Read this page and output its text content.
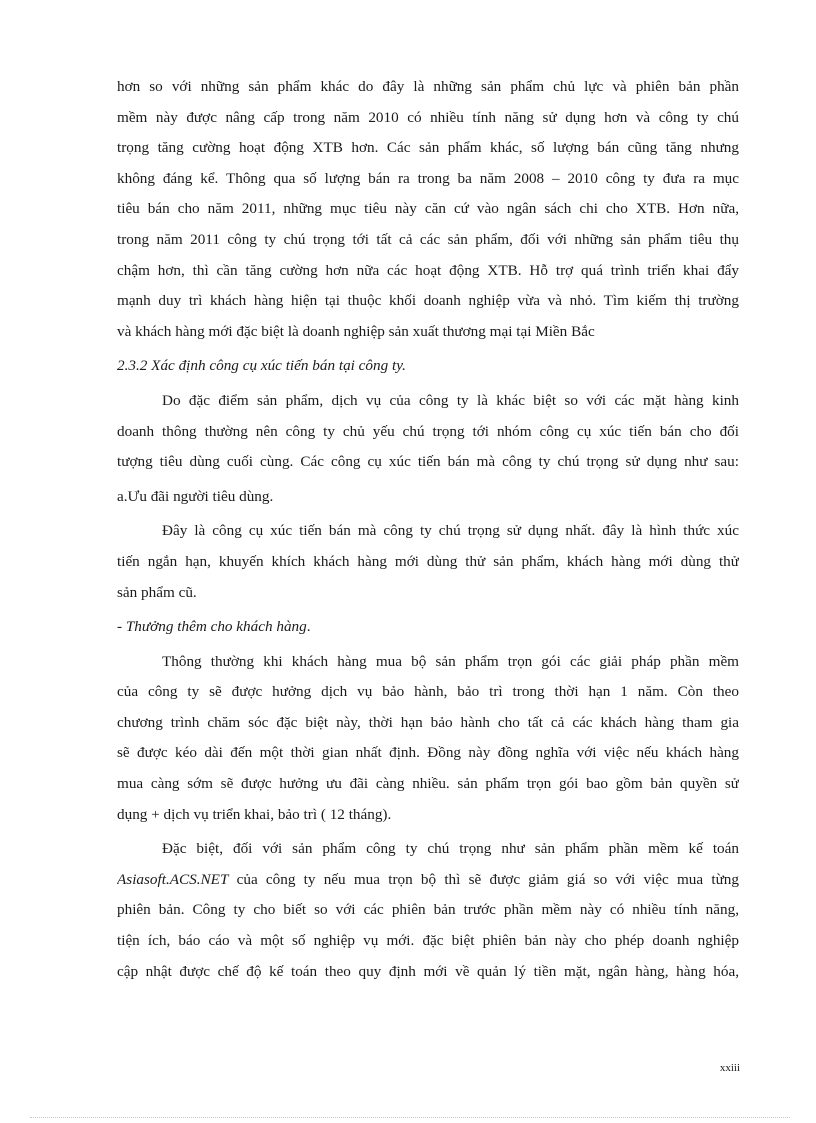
hơn so với những sản phẩm khác do đây là những sản phẩm chủ lực và phiên bản phần
mềm này được nâng cấp trong năm 2010 có nhiều tính năng sử dụng hơn và công ty chú
trọng tăng cường hoạt động XTB hơn. Các sản phẩm khác, số lượng bán cũng tăng nhưng
không đáng kể. Thông qua số lượng bán ra trong ba năm 2008 – 2010 công ty đưa ra mục
tiêu bán cho năm 2011, những mục tiêu này căn cứ vào ngân sách chi cho XTB. Hơn nữa,
trong năm 2011 công ty chú trọng tới tất cả các sản phẩm, đối với những sản phẩm tiêu thụ
chậm hơn, thì cần tăng cường hơn nữa các hoạt động XTB. Hỗ trợ quá trình triển khai đẩy
mạnh duy trì khách hàng hiện tại thuộc khối doanh nghiệp vừa và nhỏ. Tìm kiếm thị trường
và khách hàng mới đặc biệt là doanh nghiệp sản xuất thương mại tại Miền Bắc
2.3.2 Xác định công cụ xúc tiến bán tại công ty.
Do đặc điểm sản phẩm, dịch vụ của công ty là khác biệt so với các mặt hàng kinh
doanh thông thường nên công ty chủ yếu chú trọng tới nhóm công cụ xúc tiến bán cho đối
tượng tiêu dùng cuối cùng. Các công cụ xúc tiến bán mà công ty chú trọng sử dụng như sau:
a.Ưu đãi người tiêu dùng.
Đây là công cụ xúc tiến bán mà công ty chú trọng sử dụng nhất. đây là hình thức xúc
tiến ngắn hạn, khuyến khích khách hàng mới dùng thử sản phẩm, khách hàng mới dùng thử
sản phẩm cũ.
- Thưởng thêm cho khách hàng.
Thông thường khi khách hàng mua bộ sản phẩm trọn gói các giải pháp phần mềm
của công ty sẽ được hưởng dịch vụ bảo hành, bảo trì trong thời hạn 1 năm. Còn theo
chương trình chăm sóc đặc biệt này, thời hạn bảo hành cho tất cả các khách hàng tham gia
sẽ được kéo dài đến một thời gian nhất định. Đồng này đồng nghĩa với việc nếu khách hàng
mua càng sớm sẽ được hưởng ưu đãi càng nhiều. sản phẩm trọn gói bao gồm bản quyền sử
dụng + dịch vụ triển khai, bảo trì ( 12 tháng).
Đặc biệt, đối với sản phẩm công ty chú trọng như sản phẩm phần mềm kế toán
Asiasoft.ACS.NET của công ty nếu mua trọn bộ thì sẽ được giảm giá so với việc mua từng
phiên bản. Công ty cho biết so với các phiên bản trước phần mềm này có nhiều tính năng,
tiện ích, báo cáo và một số nghiệp vụ mới. đặc biệt phiên bản này cho phép doanh nghiệp
cập nhật được chế độ kế toán theo quy định mới về quản lý tiền mặt, ngân hàng, hàng hóa,
xxiii
